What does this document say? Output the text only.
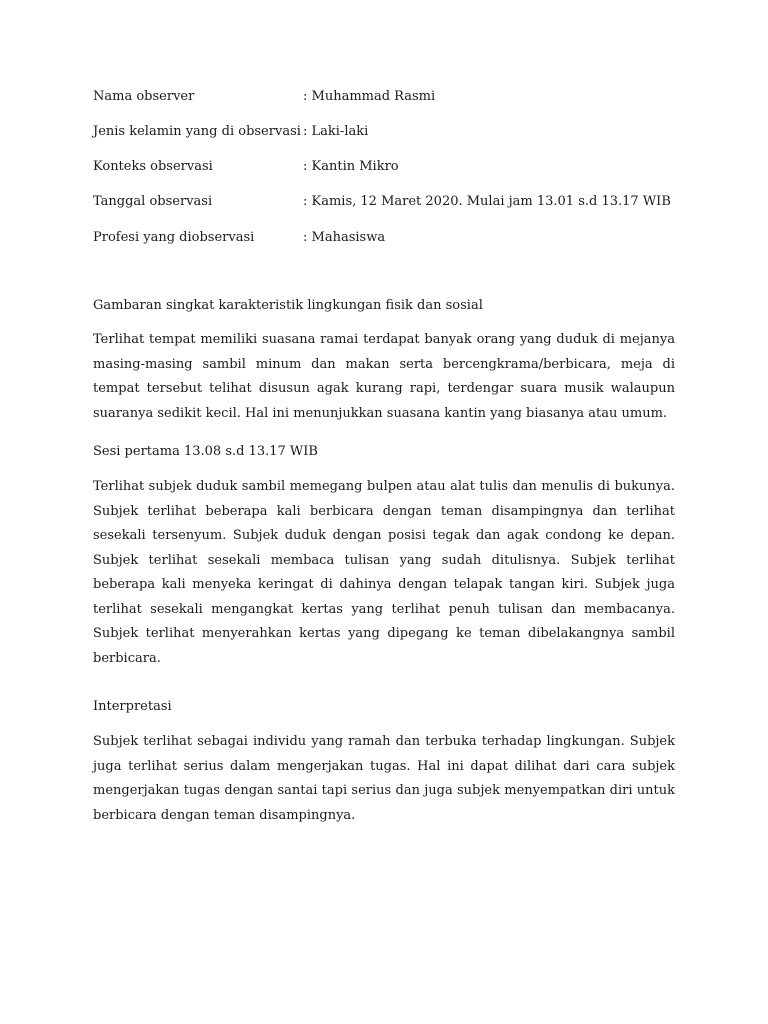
Nama observer	: Muhammad Rasmi
Jenis kelamin yang di observasi : Laki-laki
Konteks observasi	: Kantin Mikro
Tanggal observasi	: Kamis, 12 Maret 2020. Mulai jam 13.01 s.d 13.17 WIB
Profesi yang diobservasi	: Mahasiswa
Gambaran singkat karakteristik lingkungan fisik dan sosial

Terlihat tempat memiliki suasana ramai terdapat banyak orang yang duduk di mejanya masing-masing sambil minum dan makan serta bercengkrama/berbicara, meja di tempat tersebut telihat disusun agak kurang rapi, terdengar suara musik walaupun suaranya sedikit kecil. Hal ini menunjukkan suasana kantin yang biasanya atau umum.

Sesi pertama 13.08 s.d 13.17 WIB

Terlihat subjek duduk sambil memegang bulpen atau alat tulis dan menulis di bukunya. Subjek terlihat beberapa kali berbicara dengan teman disampingnya dan terlihat sesekali tersenyum. Subjek duduk dengan posisi tegak dan agak condong ke depan. Subjek terlihat sesekali membaca tulisan yang sudah ditulisnya. Subjek terlihat beberapa kali menyeka keringat di dahinya dengan telapak tangan kiri. Subjek juga terlihat sesekali mengangkat kertas yang terlihat penuh tulisan dan membacanya. Subjek terlihat menyerahkan kertas yang dipegang ke teman dibelakangnya sambil berbicara.

Interpretasi

Subjek terlihat sebagai individu yang ramah dan terbuka terhadap lingkungan. Subjek juga terlihat serius dalam mengerjakan tugas. Hal ini dapat dilihat dari cara subjek mengerjakan tugas dengan santai tapi serius dan juga subjek menyempatkan diri untuk berbicara dengan teman disampingnya.
